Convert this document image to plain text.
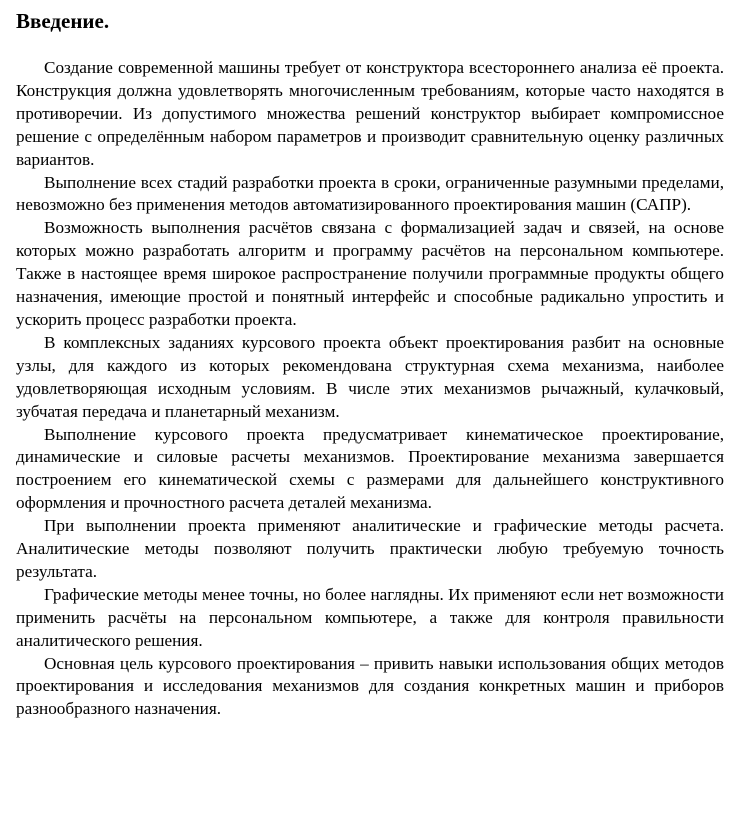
Введение.

Создание современной машины требует от конструктора всестороннего анализа её проекта. Конструкция должна удовлетворять многочисленным требованиям, которые часто находятся в противоречии. Из допустимого множества решений конструктор выбирает компромиссное решение с определённым набором параметров и производит сравнительную оценку различных вариантов.

Выполнение всех стадий разработки проекта в сроки, ограниченные разумными пределами, невозможно без применения методов автоматизированного проектирования машин (САПР).

Возможность выполнения расчётов связана с формализацией задач и связей, на основе которых можно разработать алгоритм и программу расчётов на персональном компьютере. Также в настоящее время широкое распространение получили программные продукты общего назначения, имеющие простой и понятный интерфейс и способные радикально упростить и ускорить процесс разработки проекта.

В комплексных заданиях курсового проекта объект проектирования разбит на основные узлы, для каждого из которых рекомендована структурная схема механизма, наиболее удовлетворяющая исходным условиям. В числе этих механизмов рычажный, кулачковый, зубчатая передача и планетарный механизм.

Выполнение курсового проекта предусматривает кинематическое проектирование, динамические и силовые расчеты механизмов. Проектирование механизма завершается построением его кинематической схемы с размерами для дальнейшего конструктивного оформления и прочностного расчета деталей механизма.

При выполнении проекта применяют аналитические и графические методы расчета. Аналитические методы позволяют получить практически любую требуемую точность результата.

Графические методы менее точны, но более наглядны. Их применяют если нет возможности применить расчёты на персональном компьютере, а также для контроля правильности аналитического решения.

Основная цель курсового проектирования – привить навыки использования общих методов проектирования и исследования механизмов для создания конкретных машин и приборов разнообразного назначения.
